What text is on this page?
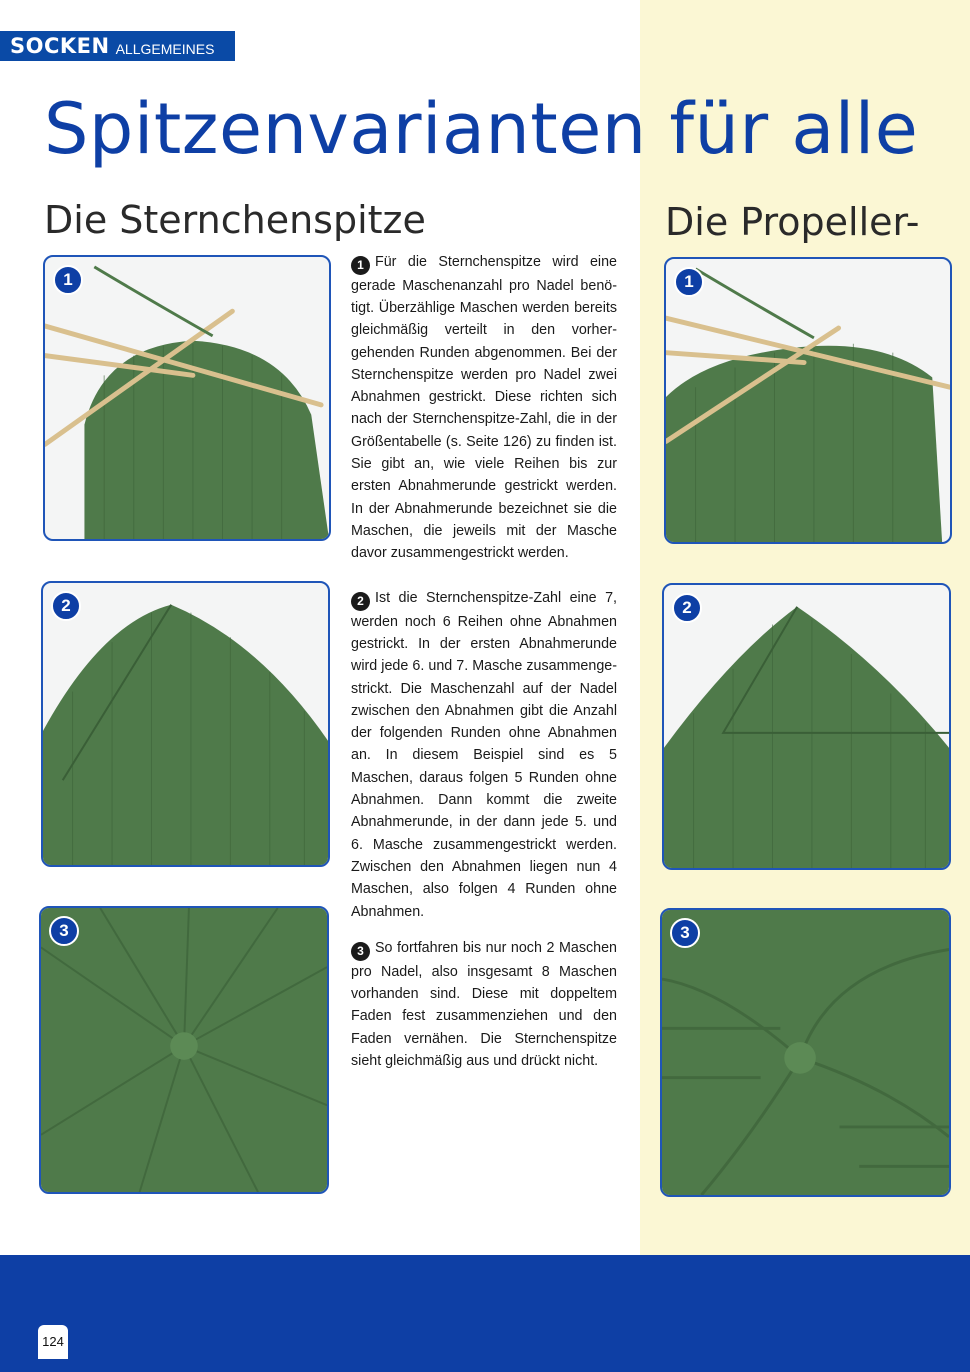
SOCKEN ALLGEMEINES
Spitzenvarianten für alle
Die Sternchenspitze	Die Propeller-
1
2
3
1
2
3
1 Für die Sternchenspitze wird eine gerade Maschenanzahl pro Nadel benötigt. Überzählige Maschen werden bereits gleichmäßig verteilt in den vorhergehenden Runden abgenommen. Bei der Sternchenspitze werden pro Nadel zwei Abnahmen gestrickt. Diese richten sich nach der Sternchenspitze-Zahl, die in der Größentabelle (s. Seite 126) zu finden ist. Sie gibt an, wie viele Reihen bis zur ersten Abnahmerunde gestrickt werden. In der Abnahmerunde bezeichnet sie die Maschen, die jeweils mit der Masche davor zusammengestrickt werden.
2 Ist die Sternchenspitze-Zahl eine 7, werden noch 6 Reihen ohne Abnahmen gestrickt. In der ersten Abnahmerunde wird jede 6. und 7. Masche zusammengestrickt. Die Maschenzahl auf der Nadel zwischen den Abnahmen gibt die Anzahl der folgenden Runden ohne Abnahmen an. In diesem Beispiel sind es 5 Maschen, daraus folgen 5 Runden ohne Abnahmen. Dann kommt die zweite Abnahmerunde, in der dann jede 5. und 6. Masche zusammengestrickt werden. Zwischen den Abnahmen liegen nun 4 Maschen, also folgen 4 Runden ohne Abnahmen.
3 So fortfahren bis nur noch 2 Maschen pro Nadel, also insgesamt 8 Maschen vorhanden sind. Diese mit doppeltem Faden fest zusammenziehen und den Faden vernähen. Die Sternchenspitze sieht gleichmäßig aus und drückt nicht.
124
